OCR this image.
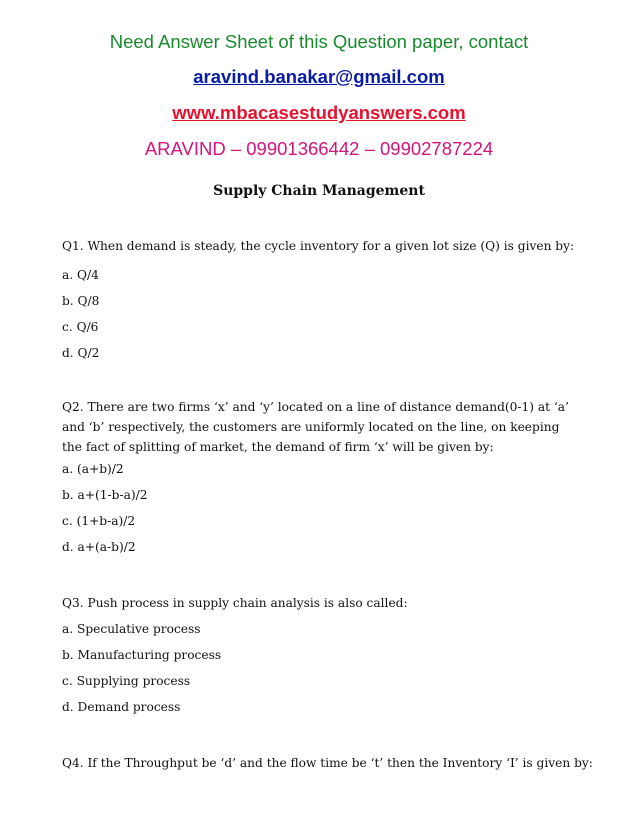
Need Answer Sheet of this Question paper, contact
aravind.banakar@gmail.com
www.mbacasestudyanswers.com
ARAVIND – 09901366442 – 09902787224
Supply Chain Management
Q1. When demand is steady, the cycle inventory for a given lot size (Q) is given by:
a. Q/4
b. Q/8
c. Q/6
d. Q/2
Q2. There are two firms ‘x’ and ‘y’ located on a line of distance demand(0-1) at ‘a’ and ‘b’ respectively, the customers are uniformly located on the line, on keeping the fact of splitting of market, the demand of firm ‘x’ will be given by:
a. (a+b)/2
b. a+(1-b-a)/2
c. (1+b-a)/2
d. a+(a-b)/2
Q3. Push process in supply chain analysis is also called:
a. Speculative process
b. Manufacturing process
c. Supplying process
d. Demand process
Q4. If the Throughput be ‘d’ and the flow time be ‘t’ then the Inventory ‘I’ is given by:
